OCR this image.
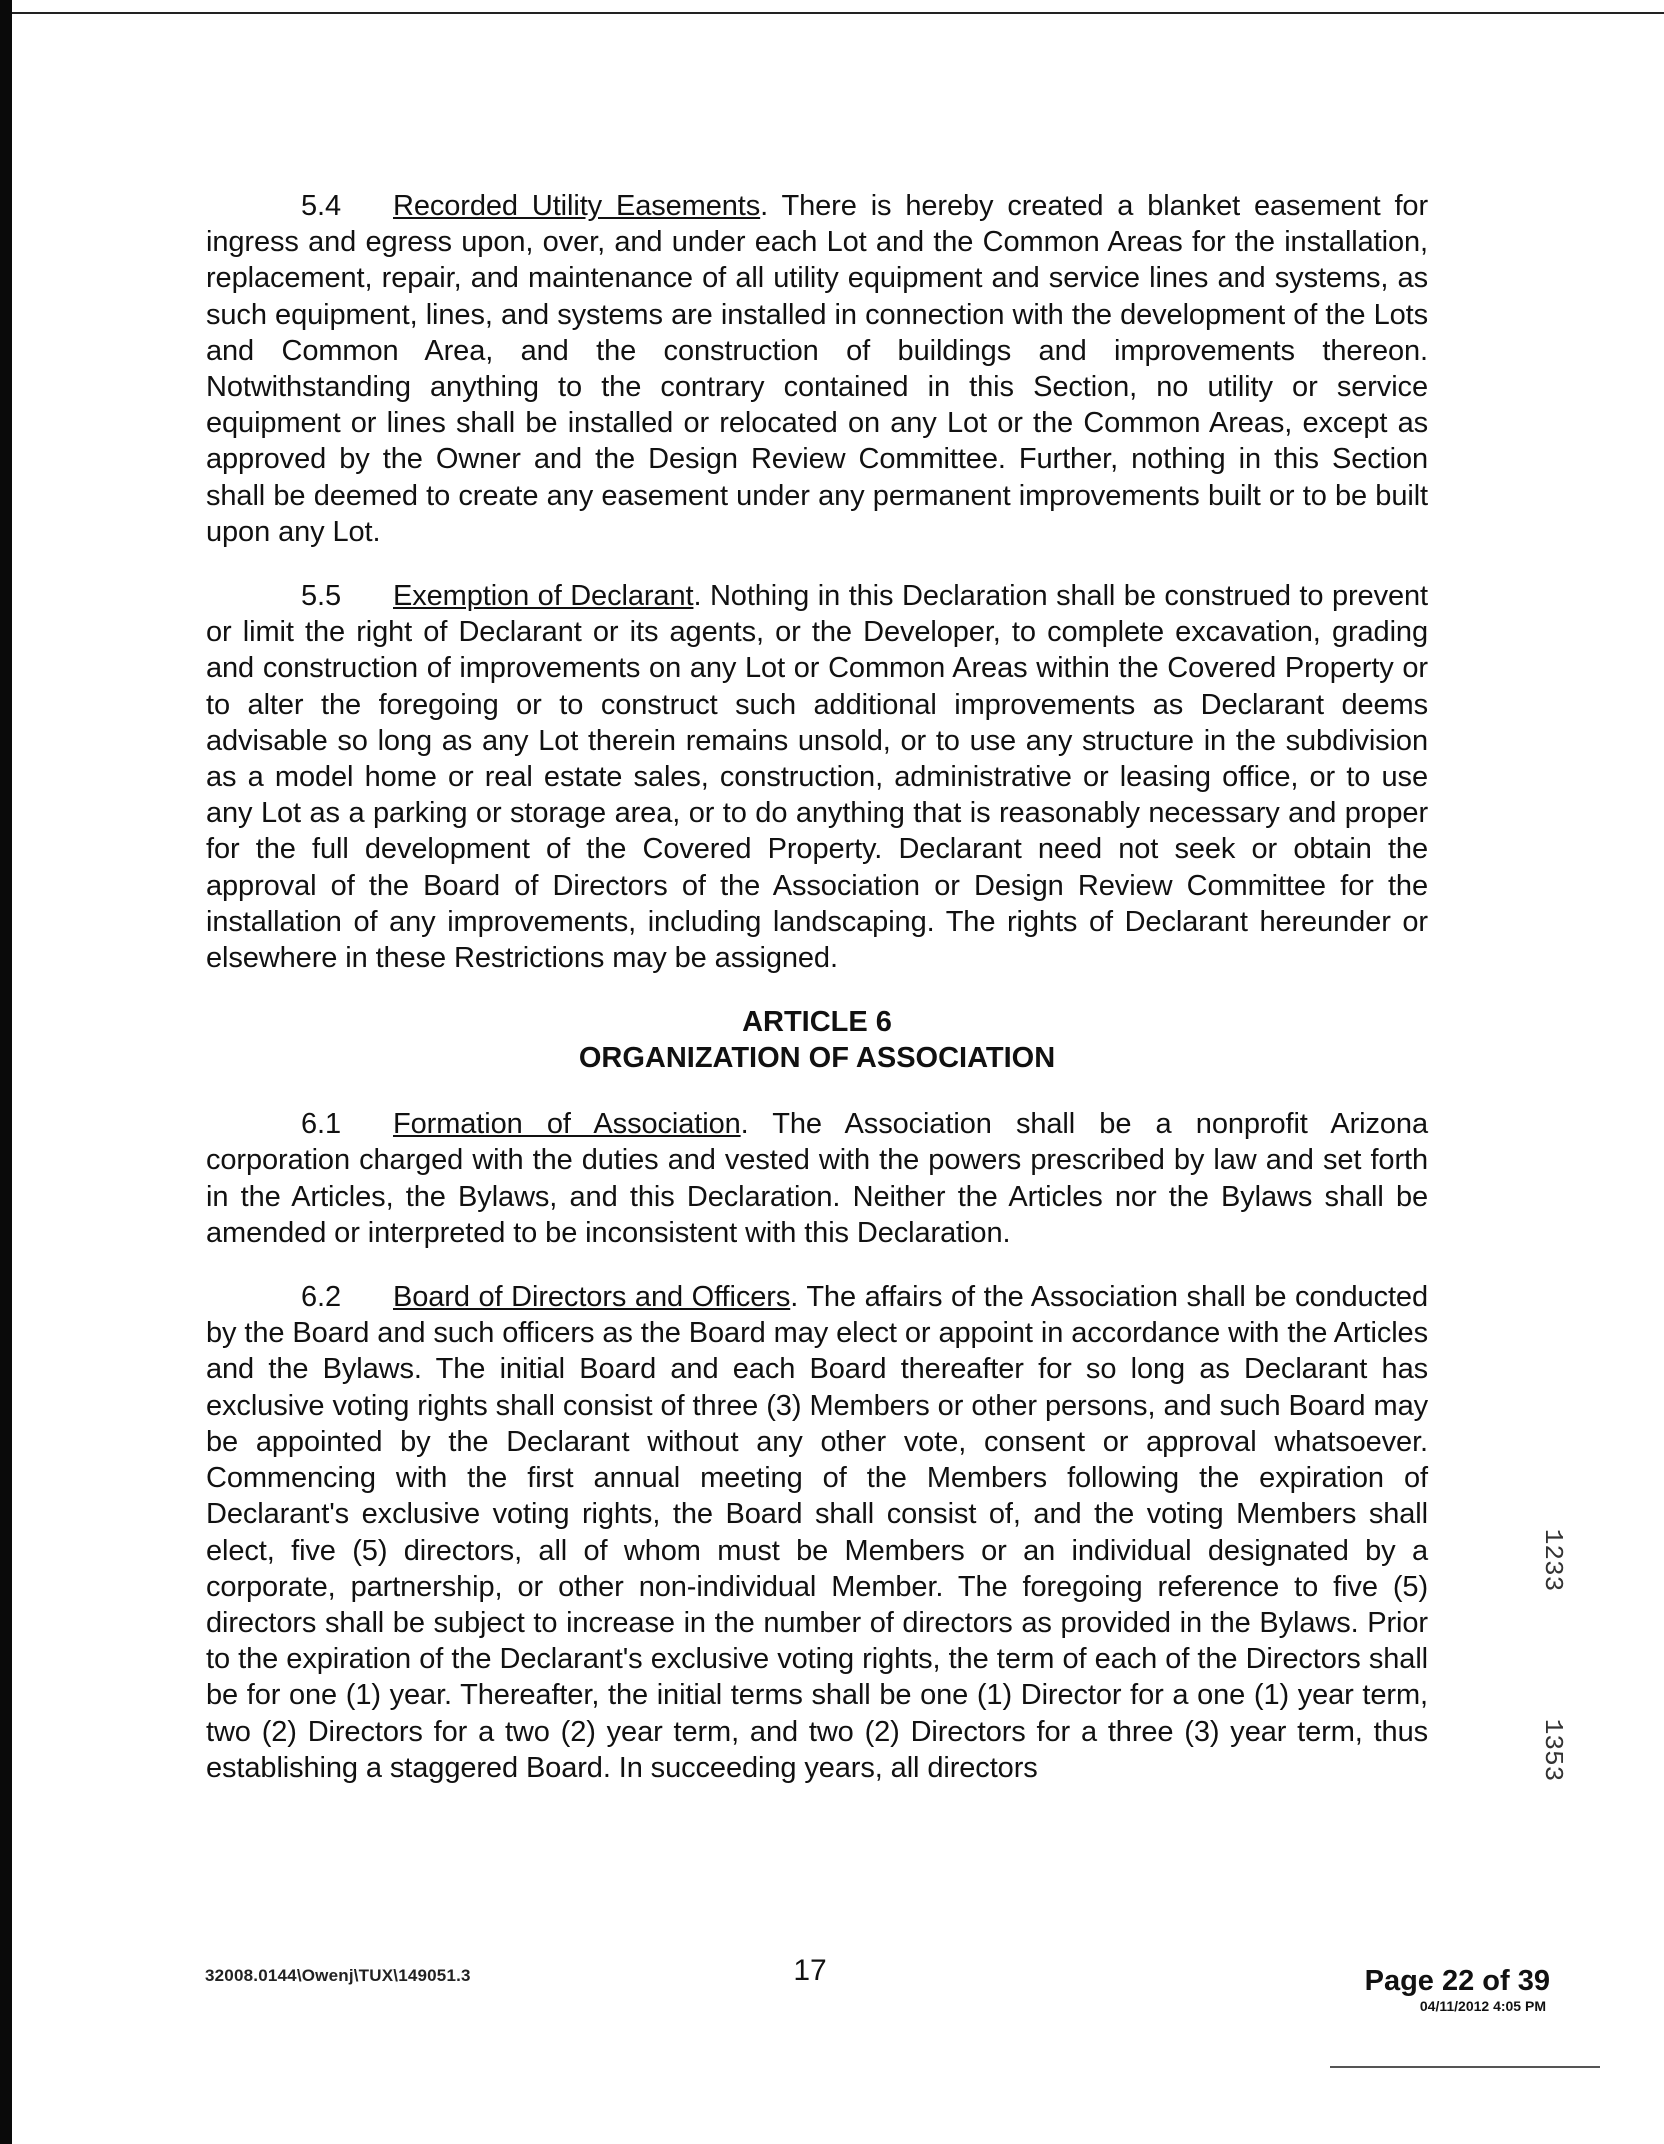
5.4 Recorded Utility Easements. There is hereby created a blanket easement for ingress and egress upon, over, and under each Lot and the Common Areas for the installation, replacement, repair, and maintenance of all utility equipment and service lines and systems, as such equipment, lines, and systems are installed in connection with the development of the Lots and Common Area, and the construction of buildings and improvements thereon. Notwithstanding anything to the contrary contained in this Section, no utility or service equipment or lines shall be installed or relocated on any Lot or the Common Areas, except as approved by the Owner and the Design Review Committee. Further, nothing in this Section shall be deemed to create any easement under any permanent improvements built or to be built upon any Lot.

5.5 Exemption of Declarant. Nothing in this Declaration shall be construed to prevent or limit the right of Declarant or its agents, or the Developer, to complete excavation, grading and construction of improvements on any Lot or Common Areas within the Covered Property or to alter the foregoing or to construct such additional improvements as Declarant deems advisable so long as any Lot therein remains unsold, or to use any structure in the subdivision as a model home or real estate sales, construction, administrative or leasing office, or to use any Lot as a parking or storage area, or to do anything that is reasonably necessary and proper for the full development of the Covered Property. Declarant need not seek or obtain the approval of the Board of Directors of the Association or Design Review Committee for the installation of any improvements, including landscaping. The rights of Declarant hereunder or elsewhere in these Restrictions may be assigned.

ARTICLE 6
ORGANIZATION OF ASSOCIATION

6.1 Formation of Association. The Association shall be a nonprofit Arizona corporation charged with the duties and vested with the powers prescribed by law and set forth in the Articles, the Bylaws, and this Declaration. Neither the Articles nor the Bylaws shall be amended or interpreted to be inconsistent with this Declaration.

6.2 Board of Directors and Officers. The affairs of the Association shall be conducted by the Board and such officers as the Board may elect or appoint in accordance with the Articles and the Bylaws. The initial Board and each Board thereafter for so long as Declarant has exclusive voting rights shall consist of three (3) Members or other persons, and such Board may be appointed by the Declarant without any other vote, consent or approval whatsoever. Commencing with the first annual meeting of the Members following the expiration of Declarant's exclusive voting rights, the Board shall consist of, and the voting Members shall elect, five (5) directors, all of whom must be Members or an individual designated by a corporate, partnership, or other non-individual Member. The foregoing reference to five (5) directors shall be subject to increase in the number of directors as provided in the Bylaws. Prior to the expiration of the Declarant's exclusive voting rights, the term of each of the Directors shall be for one (1) year. Thereafter, the initial terms shall be one (1) Director for a one (1) year term, two (2) Directors for a two (2) year term, and two (2) Directors for a three (3) year term, thus establishing a staggered Board. In succeeding years, all directors

1233
1353
32008.0144\Owenj\TUX\149051.3	17	Page 22 of 39
04/11/2012 4:05 PM
